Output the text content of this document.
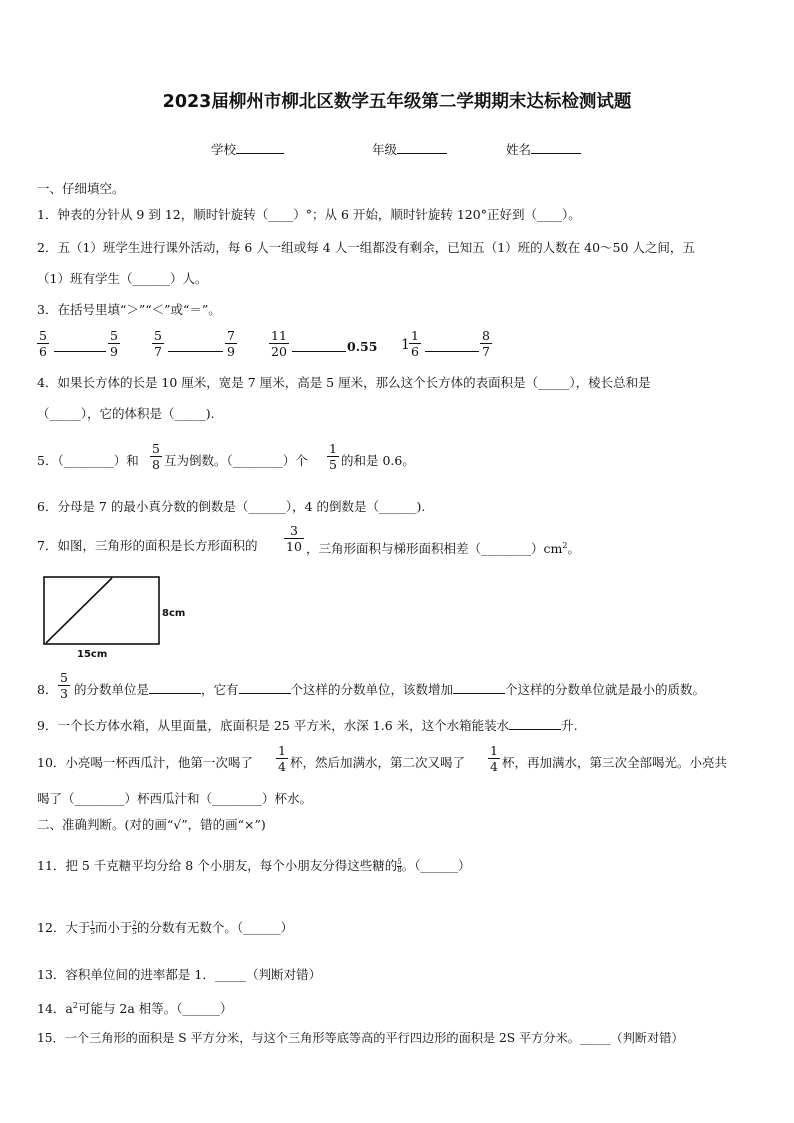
2023届柳州市柳北区数学五年级第二学期期末达标检测试题
学校	年级	姓名
一、仔细填空。
1．钟表的分针从 9 到 12，顺时针旋转（____）°；从 6 开始，顺时针旋转 120°正好到（____）。
2．五（1）班学生进行课外活动，每 6 人一组或每 4 人一组都没有剩余，已知五（1）班的人数在 40～50 人之间，五
（1）班有学生（______）人。
3．在括号里填“＞”“＜”或“＝”。
$\frac{5}{6}$	$\frac{5}{9}$	$\frac{5}{7}$	$\frac{7}{9}$	$\frac{11}{20}$	0.55 $1 \frac{1}{6}$	$\frac{8}{7}$
4．如果长方体的长是 10 厘米，宽是 7 厘米，高是 5 厘米，那么这个长方体的表面积是（_____），棱长总和是
（_____），它的体积是（_____).
5．（________）和 $\frac{5}{8}$ 互为倒数。（________）个 $\frac{1}{5}$ 的和是 0.6。
6．分母是 7 的最小真分数的倒数是（______），4 的倒数是（______).
7．如图，三角形的面积是长方形面积的 $\frac{3}{10}$ ，三角形面积与梯形面积相差$(\_\_\_\_\_\_\_\_)cm^2$。
8cm
15cm
8． $\frac{5}{3}$ 的分数单位是	，它有	个这样的分数单位，该数增加	个这样的分数单位就是最小的质数。
9．一个长方体水箱，从里面量，底面积是 25 平方米，水深 1.6 米，这个水箱能装水	升.
10．小亮喝一杯西瓜汁，他第一次喝了 $\frac{1}{4}$ 杯，然后加满水，第二次又喝了 $\frac{1}{4}$ 杯，再加满水，第三次全部喝光。小亮共
喝了（________）杯西瓜汁和（________）杯水。
二、准确判断。(对的画“√”，错的画“×”)
11．把 5 千克糖平均分给 8 个小朋友，每个小朋友分得这些糖的 $\frac{5}{8}$。（______）
12．大于 $\frac{1}{5}$而小于 $\frac{2}{5}$的分数有无数个。（______）
13．容积单位间的进率都是 1．_____（判断对错）
14．$a^2$可能与 2a 相等。（______）
15．一个三角形的面积是 S 平方分米，与这个三角形等底等高的平行四边形的面积是 2S 平方分米。_____（判断对错）
